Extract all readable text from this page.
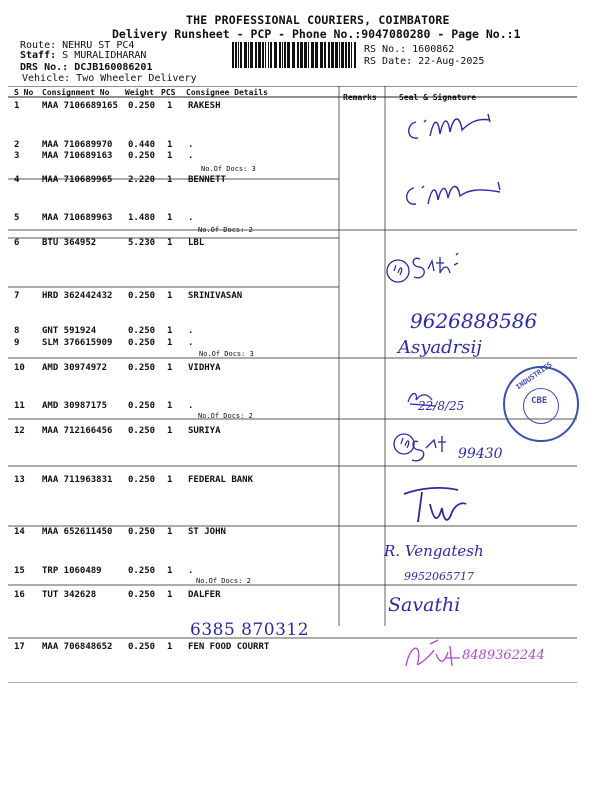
THE PROFESSIONAL COURIERS, COIMBATORE
Delivery Runsheet - PCP - Phone No.:9047080280 - Page No.:1
Route: NEHRU ST PC4
Staff: S MURALIDHARAN
DRS No.: DCJB160086201
Vehicle: Two Wheeler Delivery
RS No.: 1600862
RS Date: 22-Aug-2025
S No Consignment No Weight PCS Consignee Details
Remarks	Seal & Signature
1	MAA 7106689165 0.250 1 RAKESH
2	MAA 710689970 0.440 1 .
3	MAA 710689163 0.250 1 .
4	MAA 710689965 2.220 1 BENNETT
5	MAA 710689963 1.480 1 .
6	BTU 364952	5.230 1 LBL
7	HRD 362442432 0.250 1 SRINIVASAN
8	GNT 591924	0.250 1 .
9	SLM 376615909 0.250 1 .
10 AMD 30974972 0.250 1 VIDHYA
11 AMD 30987175 0.250 1 .
12 MAA 712166456 0.250 1 SURIYA
13 MAA 711963831 0.250 1 FEDERAL BANK
14 MAA 652611450 0.250 1 ST JOHN
15 TRP 1060489	0.250 1 .
16 TUT 342628	0.250 1 DALFER
17 MAA 706848652 0.250 1 FEN FOOD COURRT
No.Of Docs: 3
No.Of Docs: 2
No.Of Docs: 3
No.Of Docs: 2
No.Of Docs: 2
9626888586
Asyadrsij
CBE
INDUSTRIES
22/8/25
99430
R. Vengatesh
9952065717
Savathi
6385 870312
8489362244
